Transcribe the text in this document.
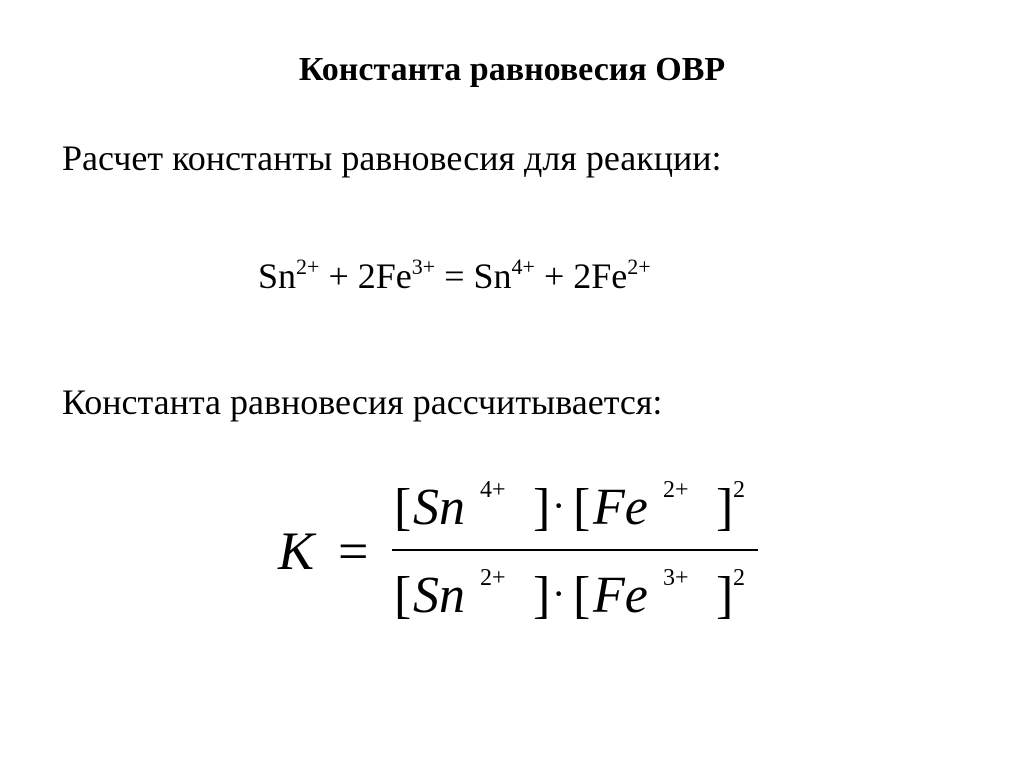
Константа равновесия ОВР
Расчет константы равновесия для реакции:
$Sn^{2+} + 2Fe^{3+} = Sn^{4+} + 2Fe^{2+}$
Константа равновесия рассчитывается:
K =
[ Sn 4+ ] · [ Fe 2+ ] 2
[ Sn 2+ ] · [ Fe 3+ ] 2
